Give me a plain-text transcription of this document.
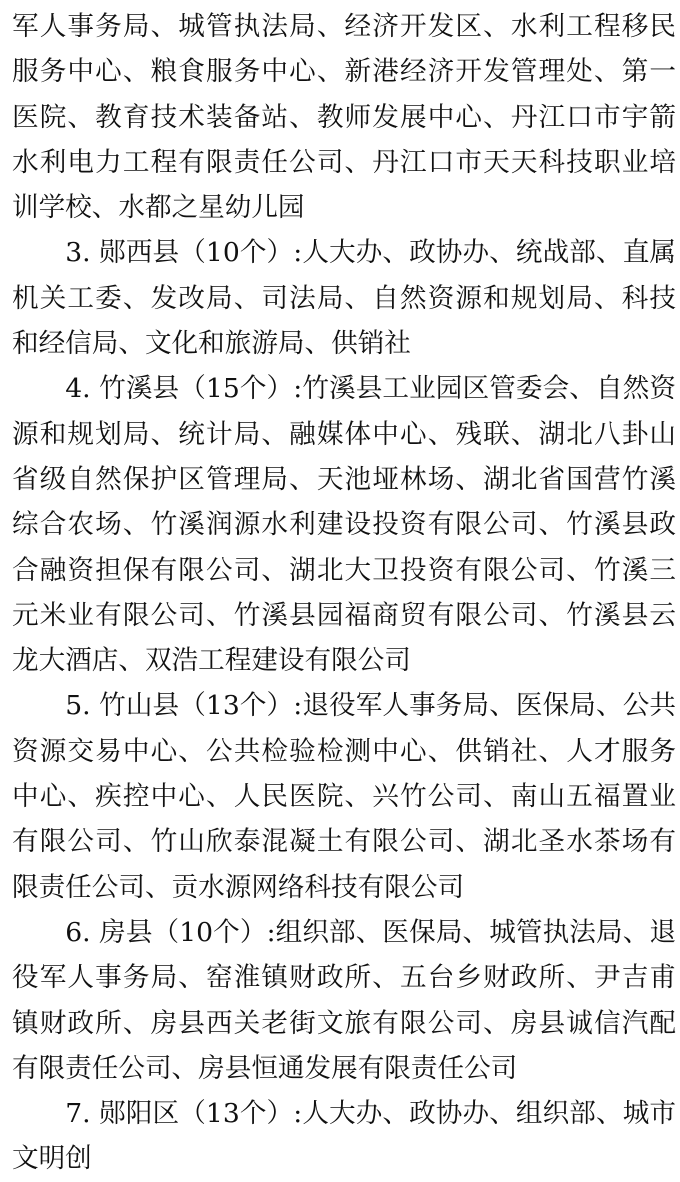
军人事务局、城管执法局、经济开发区、水利工程移民服务中心、粮食服务中心、新港经济开发管理处、第一医院、教育技术装备站、教师发展中心、丹江口市宇箭水利电力工程有限责任公司、丹江口市天天科技职业培训学校、水都之星幼儿园

3. 郧西县（10个）:人大办、政协办、统战部、直属机关工委、发改局、司法局、自然资源和规划局、科技和经信局、文化和旅游局、供销社

4. 竹溪县（15个）:竹溪县工业园区管委会、自然资源和规划局、统计局、融媒体中心、残联、湖北八卦山省级自然保护区管理局、天池垭林场、湖北省国营竹溪综合农场、竹溪润源水利建设投资有限公司、竹溪县政合融资担保有限公司、湖北大卫投资有限公司、竹溪三元米业有限公司、竹溪县园福商贸有限公司、竹溪县云龙大酒店、双浩工程建设有限公司

5. 竹山县（13个）:退役军人事务局、医保局、公共资源交易中心、公共检验检测中心、供销社、人才服务中心、疾控中心、人民医院、兴竹公司、南山五福置业有限公司、竹山欣泰混凝土有限公司、湖北圣水茶场有限责任公司、贡水源网络科技有限公司

6. 房县（10个）:组织部、医保局、城管执法局、退役军人事务局、窑淮镇财政所、五台乡财政所、尹吉甫镇财政所、房县西关老街文旅有限公司、房县诚信汽配有限责任公司、房县恒通发展有限责任公司

7. 郧阳区（13个）:人大办、政协办、组织部、城市文明创
